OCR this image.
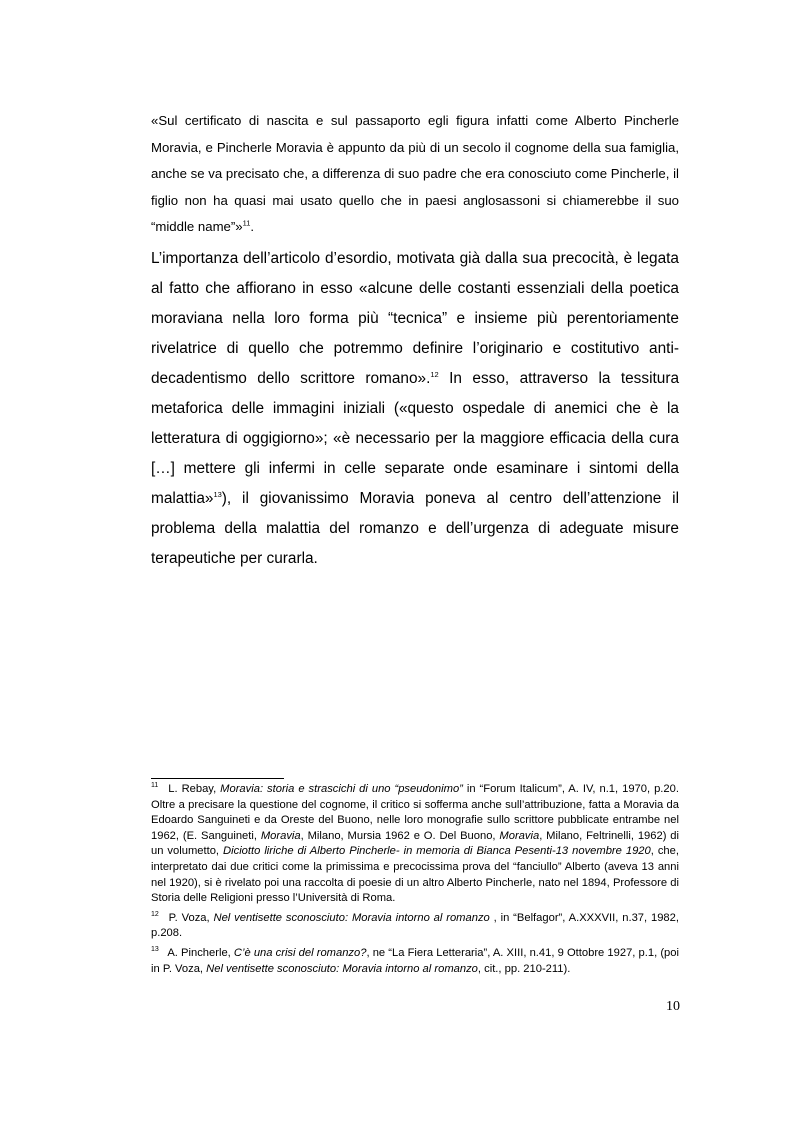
«Sul certificato di nascita e sul passaporto egli figura infatti come Alberto Pincherle Moravia, e Pincherle Moravia è appunto da più di un secolo il cognome della sua famiglia, anche se va precisato che, a differenza di suo padre che era conosciuto come Pincherle, il figlio non ha quasi mai usato quello che in paesi anglosassoni si chiamerebbe il suo “middle name”»$^{11}$.

L’importanza dell’articolo d’esordio, motivata già dalla sua precocità, è legata al fatto che affiorano in esso «alcune delle costanti essenziali della poetica moraviana nella loro forma più “tecnica” e insieme più perentoriamente rivelatrice di quello che potremmo definire l’originario e costitutivo anti-decadentismo dello scrittore romano».$^{12}$ In esso, attraverso la tessitura metaforica delle immagini iniziali («questo ospedale di anemici che è la letteratura di oggigiorno»; «è necessario per la maggiore efficacia della cura […] mettere gli infermi in celle separate onde esaminare i sintomi della malattia»$^{13}$), il giovanissimo Moravia poneva al centro dell’attenzione il problema della malattia del romanzo e dell’urgenza di adeguate misure terapeutiche per curarla.

$^{11}$ L. Rebay, Moravia: storia e strascichi di uno “pseudonimo” in “Forum Italicum”, A. IV, n.1, 1970, p.20. Oltre a precisare la questione del cognome, il critico si sofferma anche sull’attribuzione, fatta a Moravia da Edoardo Sanguineti e da Oreste del Buono, nelle loro monografie sullo scrittore pubblicate entrambe nel 1962, (E. Sanguineti, Moravia, Milano, Mursia 1962 e O. Del Buono, Moravia, Milano, Feltrinelli, 1962) di un volumetto, Diciotto liriche di Alberto Pincherle- in memoria di Bianca Pesenti-13 novembre 1920, che, interpretato dai due critici come la primissima e precocissima prova del “fanciullo” Alberto (aveva 13 anni nel 1920), si è rivelato poi una raccolta di poesie di un altro Alberto Pincherle, nato nel 1894, Professore di Storia delle Religioni presso l’Università di Roma.

$^{12}$ P. Voza, Nel ventisette sconosciuto: Moravia intorno al romanzo , in “Belfagor”, A.XXXVII, n.37, 1982, p.208.

$^{13}$ A. Pincherle, C’è una crisi del romanzo?, ne “La Fiera Letteraria”, A. XIII, n.41, 9 Ottobre 1927, p.1, (poi in P. Voza, Nel ventisette sconosciuto: Moravia intorno al romanzo, cit., pp. 210-211).

10
